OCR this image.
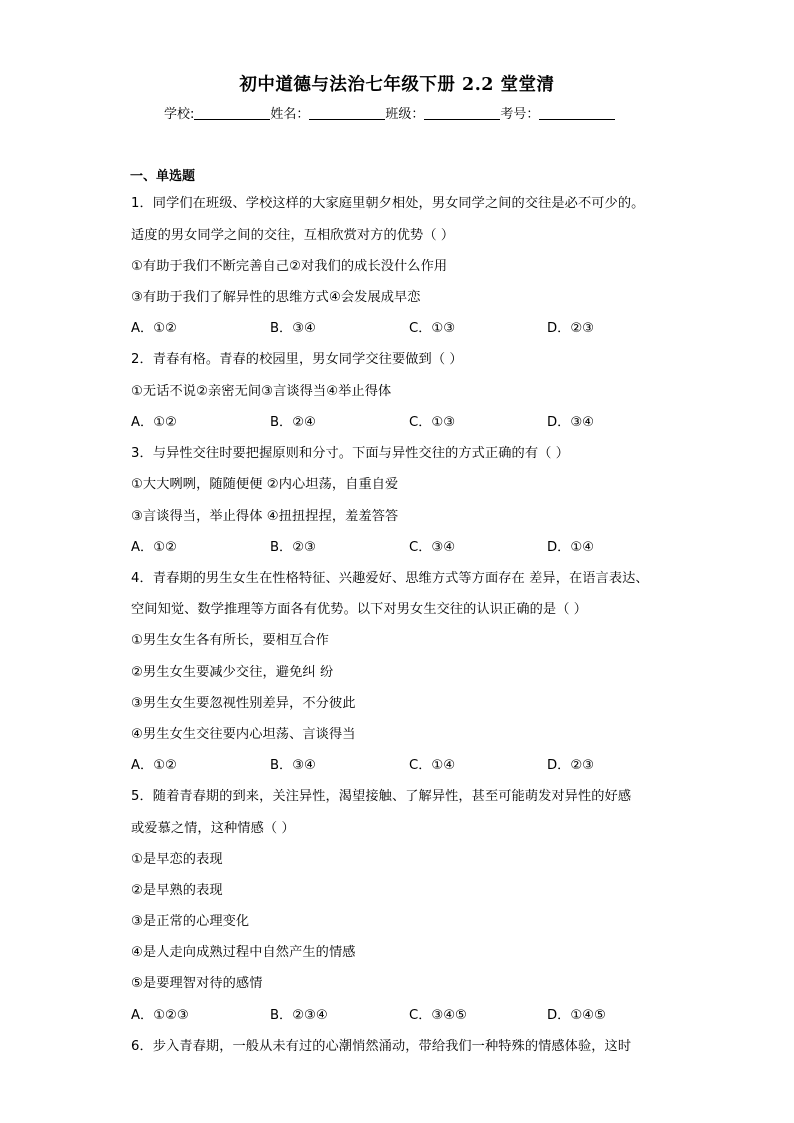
初中道德与法治七年级下册 2.2 堂堂清
学校:	姓名：	班级：	考号：
一、单选题
1．同学们在班级、学校这样的大家庭里朝夕相处，男女同学之间的交往是必不可少的。
适度的男女同学之间的交往，互相欣赏对方的优势（ ）
①有助于我们不断完善自己②对我们的成长没什么作用
③有助于我们了解异性的思维方式④会发展成早恋
A．①②	B．③④	C．①③	D．②③
2．青春有格。青春的校园里，男女同学交往要做到（ ）
①无话不说②亲密无间③言谈得当④举止得体
A．①②	B．②④	C．①③	D．③④
3．与异性交往时要把握原则和分寸。下面与异性交往的方式正确的有（ ）
①大大咧咧，随随便便 ②内心坦荡，自重自爱
③言谈得当，举止得体 ④扭扭捏捏，羞羞答答
A．①②	B．②③	C．③④	D．①④
4．青春期的男生女生在性格特征、兴趣爱好、思维方式等方面存在 差异，在语言表达、
空间知觉、数学推理等方面各有优势。以下对男女生交往的认识正确的是（ ）
①男生女生各有所长，要相互合作
②男生女生要减少交往，避免纠 纷
③男生女生要忽视性别差异，不分彼此
④男生女生交往要内心坦荡、言谈得当
A．①②	B．③④	C．①④	D．②③
5．随着青春期的到来，关注异性，渴望接触、了解异性，甚至可能萌发对异性的好感
或爱慕之情，这种情感（ ）
①是早恋的表现
②是早熟的表现
③是正常的心理变化
④是人走向成熟过程中自然产生的情感
⑤是要理智对待的感情
A．①②③	B．②③④	C．③④⑤	D．①④⑤
6．步入青春期，一般从未有过的心潮悄然涌动，带给我们一种特殊的情感体验，这时
